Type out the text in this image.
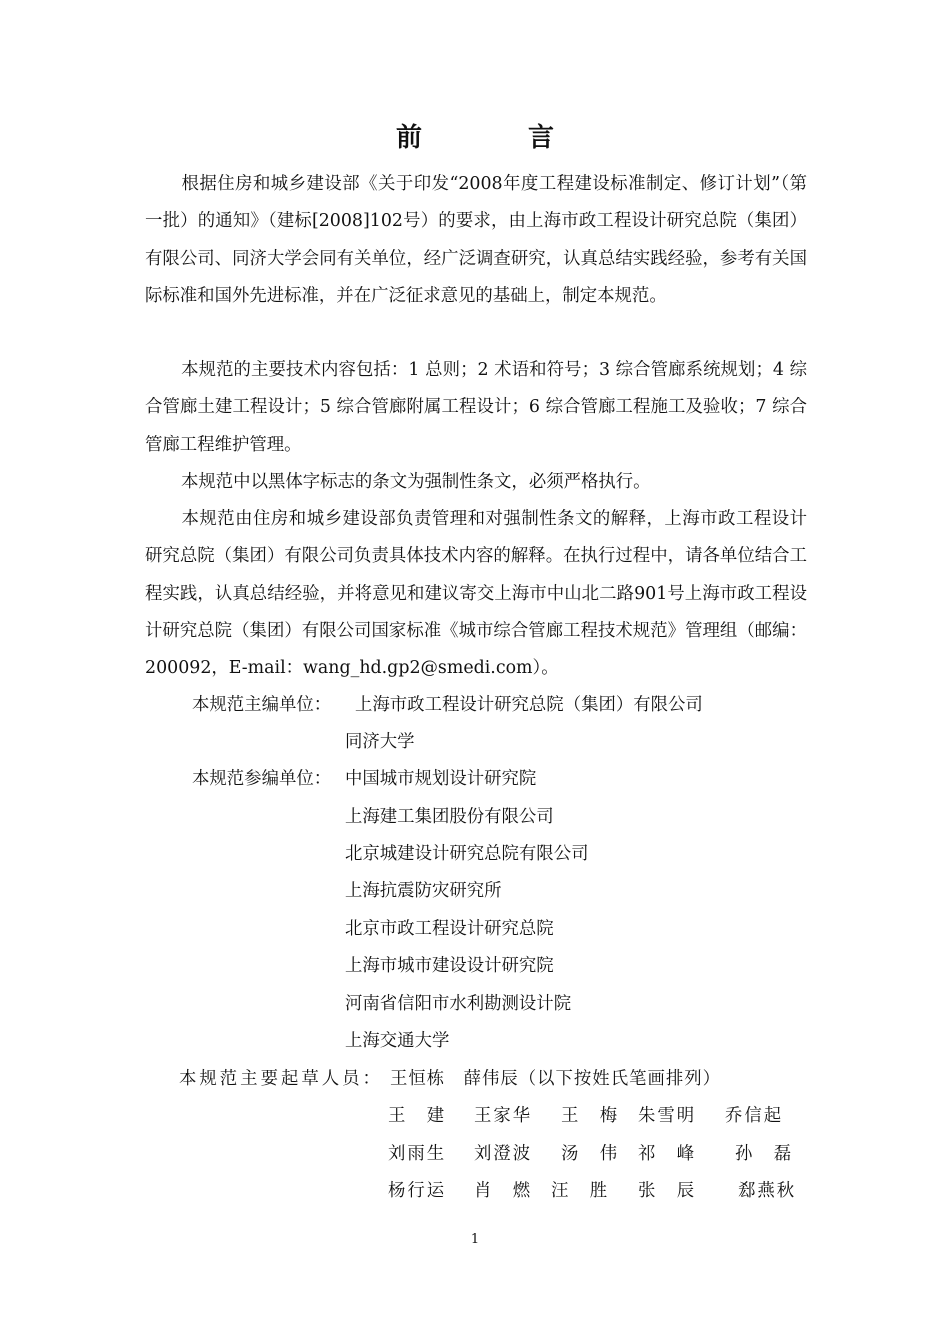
前　言
根据住房和城乡建设部《关于印发“2008年度工程建设标准制定、修订计划”（第一批）的通知》（建标[2008]102号）的要求，由上海市政工程设计研究总院（集团）有限公司、同济大学会同有关单位，经广泛调查研究，认真总结实践经验，参考有关国际标准和国外先进标准，并在广泛征求意见的基础上，制定本规范。
本规范的主要技术内容包括：1 总则；2 术语和符号；3 综合管廊系统规划；4 综合管廊土建工程设计；5 综合管廊附属工程设计；6 综合管廊工程施工及验收；7 综合管廊工程维护管理。
本规范中以黑体字标志的条文为强制性条文，必须严格执行。
本规范由住房和城乡建设部负责管理和对强制性条文的解释，上海市政工程设计研究总院（集团）有限公司负责具体技术内容的解释。在执行过程中，请各单位结合工程实践，认真总结经验，并将意见和建议寄交上海市中山北二路901号上海市政工程设计研究总院（集团）有限公司国家标准《城市综合管廊工程技术规范》管理组（邮编：200092，E-mail：wang_hd.gp2@smedi.com）。
本规范主编单位： 上海市政工程设计研究总院（集团）有限公司
同济大学
本规范参编单位： 中国城市规划设计研究院
上海建工集团股份有限公司
北京城建设计研究总院有限公司
上海抗震防灾研究所
北京市政工程设计研究总院
上海市城市建设设计研究院
河南省信阳市水利勘测设计院
上海交通大学
本规范主要起草人员： 王恒栋　薛伟辰（以下按姓氏笔画排列）
王　建 王家华 王　梅 朱雪明 乔信起
刘雨生 刘澄波 汤　伟 祁　峰 孙　磊
杨行运 肖　燃 汪　胜 张　辰 郄燕秋
1
